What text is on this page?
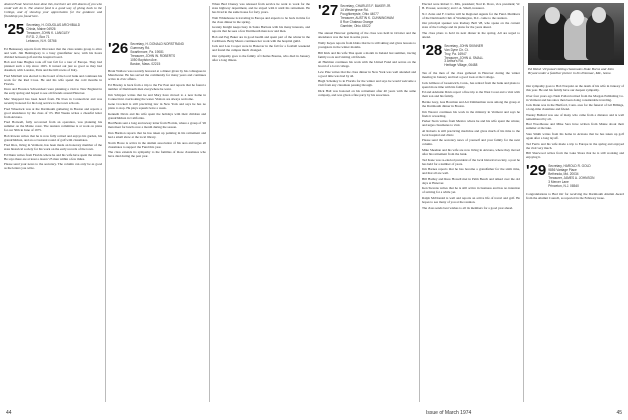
Alumni Fund. Several have done this, but there are still dozens of you who could well do it. The alumni fund is a good way of giving back to the College, and of showing your appreciation for the guidance and friendship you found here.

'25 Secretary, H. DOUGLAS ARCHIBALD
Chinia, Maine 04926
Treasurer, JOHN K. LANGLEY
R.F.D. 2, Box 71
Lebanon, N.H. 03766

Ed Hennessey reports from Worcester that the class tennis group is alive and well. Jim Hemingway is a busy grandfather now, with his hours divided between golf and the hospital board.

Bob and Jake Hughes took off last fall for a tour of Europe. They had planned such a trip since 1925. It turned out just as good as they had dreamed, with London, Paris and the hill towns of Italy.

Fred Mitchell was elected to the board of the local bank and continues his work for the Red Cross. He and his wife spend the cold months in Florida.

Dave and Florence Schweickert were planning a visit to New England in the early spring and hoped to see old friends around Hanover.

Mac Sheppard has been heard from. He lives in Connecticut and was recently honored for his long service to the town schools.

Fred Wheelock was at the Dartmouth gathering in Boston and reports a good attendance by the class of '25. Phil Weeks writes a cheerful letter from Arizona.

Fred Bonwell, fully recovered from an operation, was planning his summer on the Maine coast. The reunion committee is at work on plans for our 50th in June of 1975.

Bob Rowan writes that he is now fully retired and enjoys his garden, his grandchildren, and an occasional round of golf with classmates.

Fred Rice, living in Vermont, has been made an honorary member of the state historical society for his work on the early records of the town.

Ed Dunn writes from Florida where he and his wife have spent the winter. He says there are at least a dozen '25 men within a few miles.

Please send your news to the secretary. The column can only be as good as the letters you write.

'26 Secretary, H. DONALD NORSTRAND
Guernsey Rd.
Swarthmore, Pa. 19081
Treasurer, JOHN W. ROBERTS
1050 Boylston Ave.
Boston, Mass. 02215

Brant Wallace was recently honored at a dinner given by his colleagues in Manchester. He has served the community for many years and continues active in civic affairs.

Ed Hawley is back from a trip to the Far East and reports that he found a number of Dartmouth men everywhere he went.

Jim Schipper writes that he and Mary have moved to a new home in Connecticut overlooking the water. Visitors are always welcome.

Gene Crockett is still practicing law in New York and says he has no plans to stop. He plays squash twice a week.

Kenneth Davis and his wife spent the holidays with their children and grandchildren in California.

Bud Beals sent a long and newsy letter from Florida, where a group of '26 men meet for lunch once a month during the season.

Dan Harmon reports that he has taken up painting in his retirement and had a small show at the local library.

Norm Howe is active in the alumni association of his area and urges all classmates to support the Fund this year.

The class extends its sympathy to the families of those classmates who have died during the past year.

When Bud Cheney was released from service he went to work for the state highway department, and he stayed with it until his retirement. He has lived in the same house for forty years.

Walt Whitehouse is traveling in Europe and expects to be back in time for the class dinner in the spring.

Granny Knight keeps busy in Santa Barbara with his many interests, and reports that he sees a few Dartmouth men now and then.

Bob and Peg Baker are in good health and spent part of the winter in the Caribbean. Betty Mears continues her work with the hospital guild.

Jack and Lou Cooper were in Hanover in the fall for a football weekend and found the campus much changed.

Our sympathy goes to the family of Charles Bourne, who died in January after a long illness.

44
'27 Secretary, CHARLES F. BAKER JR.
14 Westergrove Rd.
Poughkeepsie, Ohio 44077
Treasurer, AUSTIN K. CUNNINGHAM
8 Rue Chateau Orange
Gambier, Ohio 43022

The annual Hanover gathering of the class was held in October and the attendance was the best in some years.

Wally Keyes reports from Idaho that he is still skiing and gives lessons to youngsters in the winter months.

Bill Kirk and his wife Tina spent a month in Ireland last summer, tracing family roots and visiting old friends.

Al Hartman continues his work with the United Fund and serves on the board of a local college.

Lew Pine writes that the class dinner in New York was well attended and a good time was had by all.

Hugh Schenley is in Florida for the winter and says he would welcome a visit from any classmate passing through.

Dick Hall was honored on his retirement after 40 years with the same company, and was given a fine party by his associates.

Elected were Robert C. Mix, president; Ned R. Dove, vice president; W. B. Prosser, secretary; and J. A. Small, treasurer.

N.J. Zeiss and F. Curtiss will be Regional Agents for the Fund. Members of the Dartmouth Club of Washington, D.C. came to the reunion.

Our principal speaker was Rodney Bell '28, who spoke on the current state of the College and its plans for the years ahead.

The class plans to hold its next dinner in the spring. All are urged to attend.

'28 Secretary, JOHN SKINNER
Van Dyne Cir. Ct.
Troy, Pa. 16947
Treasurer, JOHN A. SMALL
3 Arthur's Rd.
Heritage Village, 06488

Ten of the men of the class gathered in Hanover during the winter meeting in January and had a good look at the College.

Jack Gilmore of Greenwich, Conn., has retired from the bank and plans to spend more time with his family.

Ed and Adelaide Davis report a fine trip to the West Coast and a visit with their son and his family.

Bernie Grey, Gus Bowman and Art Zimmerman were among the group at the Dartmouth dinner in Boston.

Jim Weaver continues his work in the ministry in Vermont and says he finds it rewarding.

Parker Stern writes from Mexico where he and his wife spent the winter, and urges classmates to visit.

Al Roberts is still practicing medicine and gives much of his time to the local hospital and clinic.

Please send the secretary news of yourself and your family for the next column.

Mike Sheehan and his wife are now living in Arizona, where they moved after his retirement from the bank.

Ted Kane was re-elected president of the local historical society, a post he has held for a number of years.

Jim Barnes reports that he has become a grandfather for the sixth time, and that all are well.

Bill Hadley and Russ Howell met in Palm Beach and talked over the old days at Hanover.

Ken Stevens writes that he is still active in business and has no intention of retiring for a while yet.

Ralph McDonald is well and reports an active life of travel and golf. He hopes to see many of you at the reunion.

The class sends best wishes to all its members for a good year ahead.

Ed Walsh '29 posed visiting classmates Duke Burns and John Bryant under a familiar picture in his Potomac, Md., home.

Our sympathy goes to Bob Norquist on the death of his wife in January of this year. He and his family have our deepest sympathy.

Over four years ago Nash Pollard retired from the Morgan Publishing Co. in Vermont and has since then been doing considerable traveling.

Jack Dunn was in the Hartford, Conn. area for the funeral of Gil Billings, a long-time classmate and friend.

Wesley Bullard was one of many who came from a distance and is well remembered by all.

Bud Woodhouse and Mike Sara have written from Maine about their summer at the lake.

Stan Smith writes from his home in Arizona that he has taken up golf again after a long layoff.

Ted Ferris and his wife made a trip to Europe in the spring and enjoyed the visit very much.

Bill Sherwood writes from the Lake Shore that he is still working and enjoying it.

'29 Secretary, HAROLD R. GOLD
9856 Vantage Place
Bethesda, Md. 20034
Treasurer, JAMES A. JOHNSON
3 Mercer Lane
Princeton, N.J. 08540

Congratulations to Bud Orr for receiving the Dartmouth Alumni Award from the Alumni Council, as reported in the February issue.

Issue of March 1974	45
